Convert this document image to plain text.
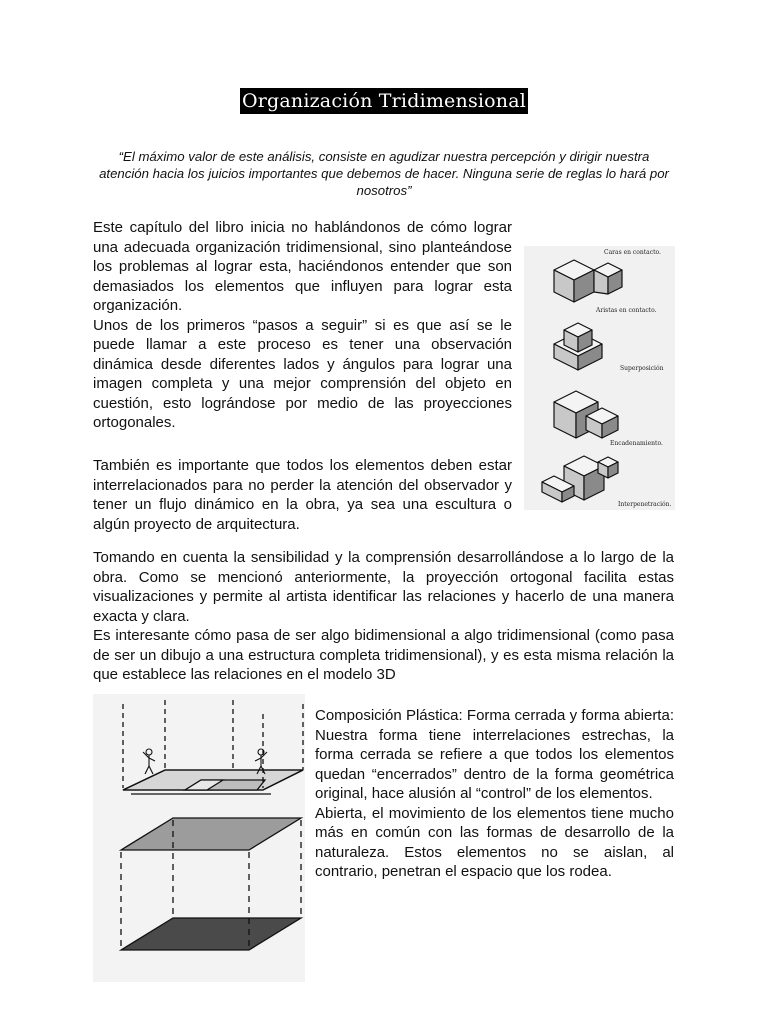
Organización Tridimensional
“El máximo valor de este análisis, consiste en agudizar nuestra percepción y dirigir nuestra atención hacia los juicios importantes que debemos de hacer. Ninguna serie de reglas lo hará por nosotros”

Este capítulo del libro inicia no hablándonos de cómo lograr una adecuada organización tridimensional, sino planteándose los problemas al lograr esta, haciéndonos entender que son demasiados los elementos que influyen para lograr esta organización.

Unos de los primeros “pasos a seguir” si es que así se le puede llamar a este proceso es tener una observación dinámica desde diferentes lados y ángulos para lograr una imagen completa y una mejor comprensión del objeto en cuestión, esto lográndose por medio de las proyecciones ortogonales.

También es importante que todos los elementos deben estar interrelacionados para no perder la atención del observador y tener un flujo dinámico en la obra, ya sea una escultura o algún proyecto de arquitectura.

Tomando en cuenta la sensibilidad y la comprensión desarrollándose a lo largo de la obra. Como se mencionó anteriormente, la proyección ortogonal facilita estas visualizaciones y permite al artista identificar las relaciones y hacerlo de una manera exacta y clara.

Es interesante cómo pasa de ser algo bidimensional a algo tridimensional (como pasa de ser un dibujo a una estructura completa tridimensional), y es esta misma relación la que establece las relaciones en el modelo 3D

Composición Plástica: Forma cerrada y forma abierta: Nuestra forma tiene interrelaciones estrechas, la forma cerrada se refiere a que todos los elementos quedan “encerrados” dentro de la forma geométrica original, hace alusión al “control” de los elementos.

Abierta, el movimiento de los elementos tiene mucho más en común con las formas de desarrollo de la naturaleza. Estos elementos no se aislan, al contrario, penetran el espacio que los rodea.

Caras en contacto.
Aristas en contacto.
Superposición
Encadenamiento.
Interpenetración.
